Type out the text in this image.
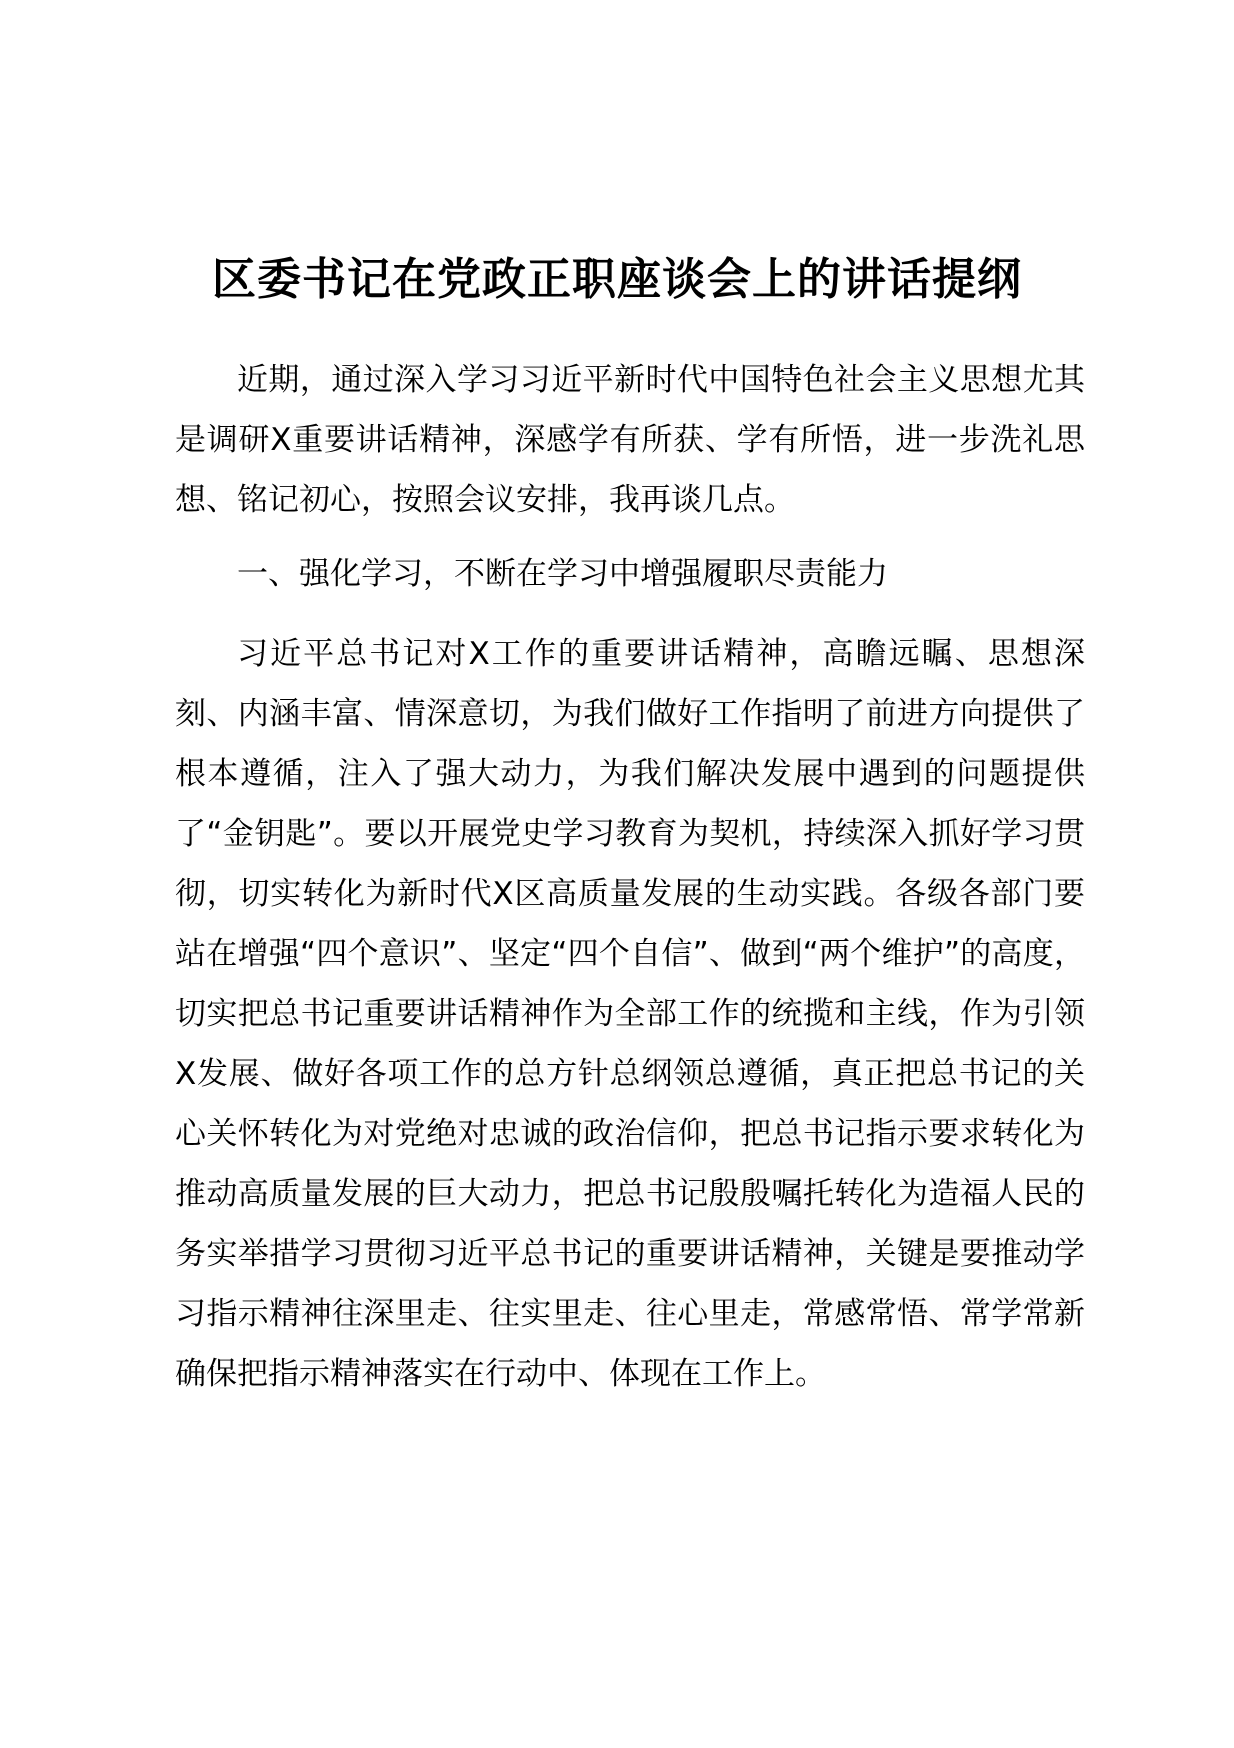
区委书记在党政正职座谈会上的讲话提纲

近期，通过深入学习习近平新时代中国特色社会主义思想尤其是调研X重要讲话精神，深感学有所获、学有所悟，进一步洗礼思想、铭记初心，按照会议安排，我再谈几点。

一、强化学习，不断在学习中增强履职尽责能力

习近平总书记对X工作的重要讲话精神，高瞻远瞩、思想深刻、内涵丰富、情深意切，为我们做好工作指明了前进方向提供了根本遵循，注入了强大动力，为我们解决发展中遇到的问题提供了“金钥匙”。要以开展党史学习教育为契机，持续深入抓好学习贯彻，切实转化为新时代X区高质量发展的生动实践。各级各部门要站在增强“四个意识”、坚定“四个自信”、做到“两个维护”的高度，切实把总书记重要讲话精神作为全部工作的统揽和主线，作为引领X发展、做好各项工作的总方针总纲领总遵循，真正把总书记的关心关怀转化为对党绝对忠诚的政治信仰，把总书记指示要求转化为推动高质量发展的巨大动力，把总书记殷殷嘱托转化为造福人民的务实举措学习贯彻习近平总书记的重要讲话精神，关键是要推动学习指示精神往深里走、往实里走、往心里走，常感常悟、常学常新确保把指示精神落实在行动中、体现在工作上。
